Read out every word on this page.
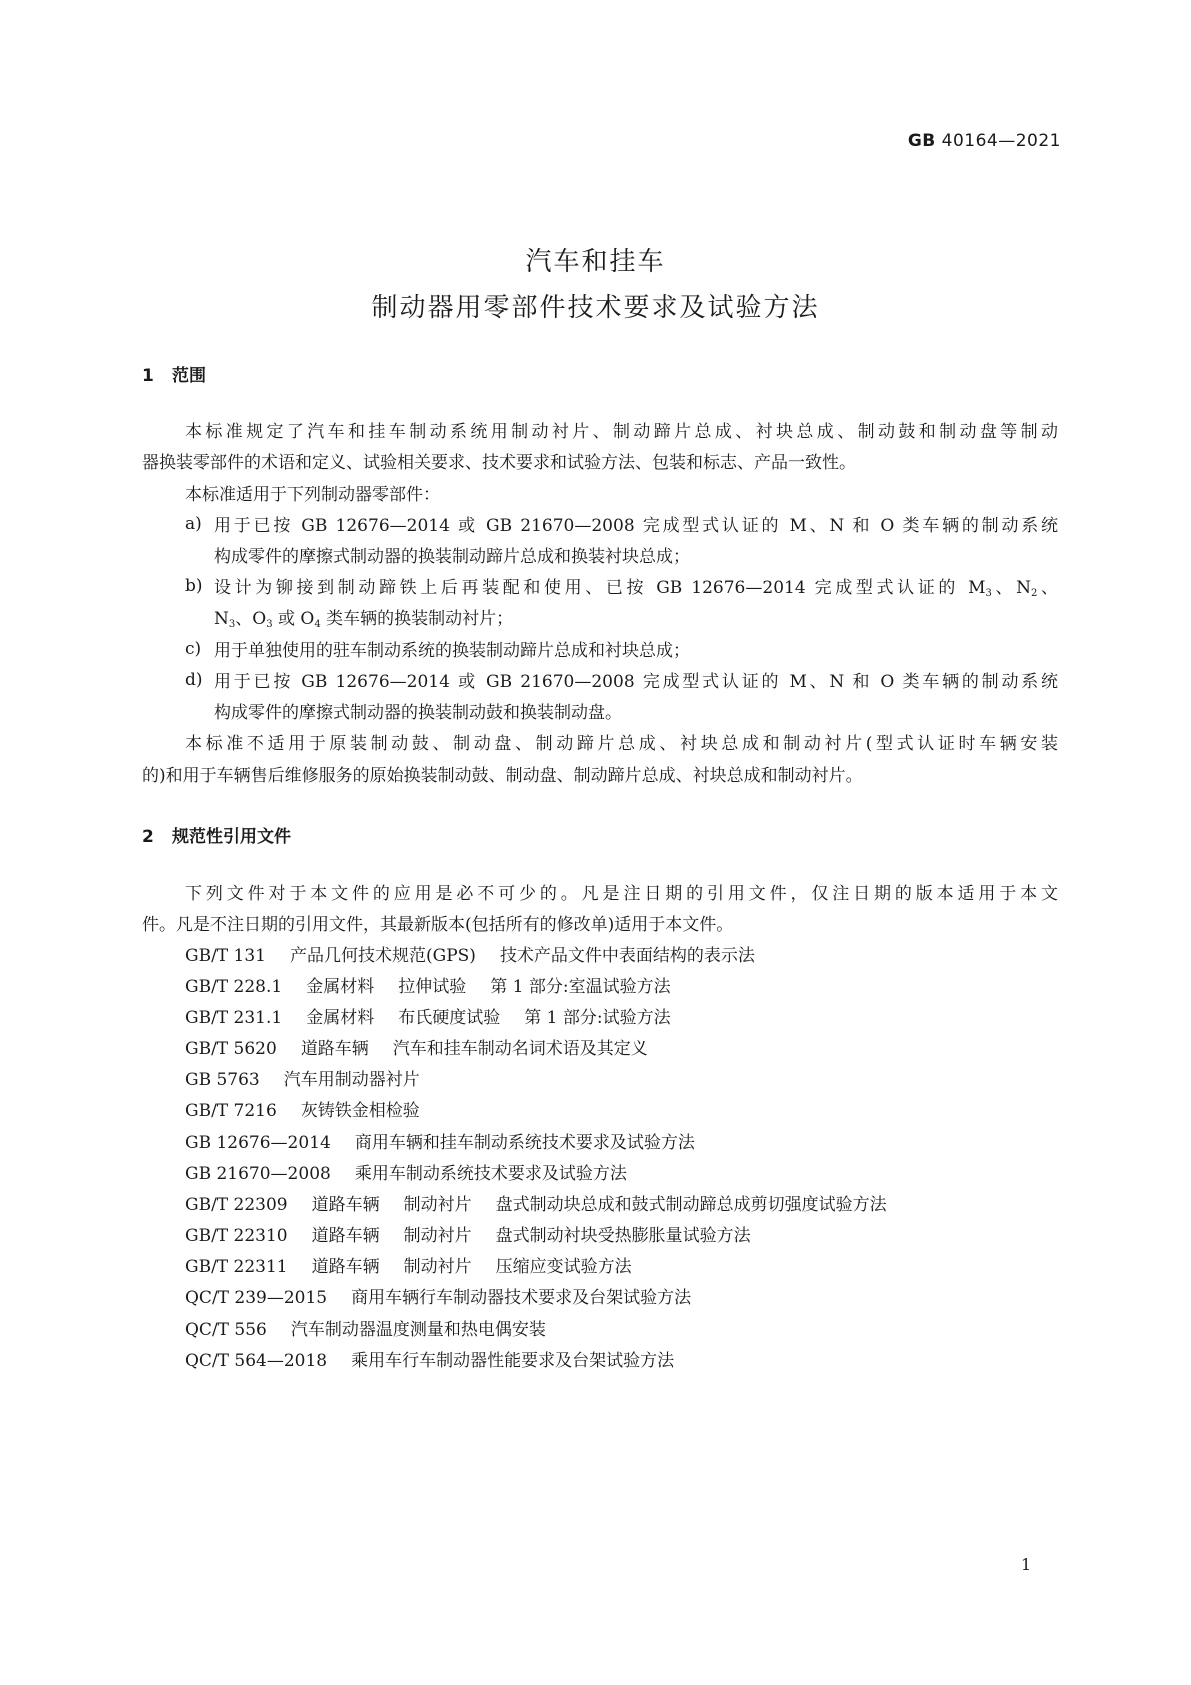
GB 40164—2021
汽车和挂车
制动器用零部件技术要求及试验方法
1 范围
本标准规定了汽车和挂车制动系统用制动衬片、制动蹄片总成、衬块总成、制动鼓和制动盘等制动
器换装零部件的术语和定义、试验相关要求、技术要求和试验方法、包装和标志、产品一致性。
本标准适用于下列制动器零部件：
a) 用于已按 GB 12676—2014 或 GB 21670—2008 完成型式认证的 M、N 和 O 类车辆的制动系统
构成零件的摩擦式制动器的换装制动蹄片总成和换装衬块总成；
b) 设计为铆接到制动蹄铁上后再装配和使用、已按 GB 12676—2014 完成型式认证的 $M_3$、$N_2$、
$N_3$、$O_3$ 或 $O_4$ 类车辆的换装制动衬片；
c) 用于单独使用的驻车制动系统的换装制动蹄片总成和衬块总成；
d) 用于已按 GB 12676—2014 或 GB 21670—2008 完成型式认证的 M、N 和 O 类车辆的制动系统
构成零件的摩擦式制动器的换装制动鼓和换装制动盘。
本标准不适用于原装制动鼓、制动盘、制动蹄片总成、衬块总成和制动衬片(型式认证时车辆安装
的)和用于车辆售后维修服务的原始换装制动鼓、制动盘、制动蹄片总成、衬块总成和制动衬片。
2 规范性引用文件
下列文件对于本文件的应用是必不可少的。凡是注日期的引用文件，仅注日期的版本适用于本文
件。凡是不注日期的引用文件，其最新版本(包括所有的修改单)适用于本文件。
GB/T 131 产品几何技术规范(GPS) 技术产品文件中表面结构的表示法
GB/T 228.1 金属材料 拉伸试验 第 1 部分:室温试验方法
GB/T 231.1 金属材料 布氏硬度试验 第 1 部分:试验方法
GB/T 5620 道路车辆 汽车和挂车制动名词术语及其定义
GB 5763 汽车用制动器衬片
GB/T 7216 灰铸铁金相检验
GB 12676—2014 商用车辆和挂车制动系统技术要求及试验方法
GB 21670—2008 乘用车制动系统技术要求及试验方法
GB/T 22309 道路车辆 制动衬片 盘式制动块总成和鼓式制动蹄总成剪切强度试验方法
GB/T 22310 道路车辆 制动衬片 盘式制动衬块受热膨胀量试验方法
GB/T 22311 道路车辆 制动衬片 压缩应变试验方法
QC/T 239—2015 商用车辆行车制动器技术要求及台架试验方法
QC/T 556 汽车制动器温度测量和热电偶安装
QC/T 564—2018 乘用车行车制动器性能要求及台架试验方法
1
